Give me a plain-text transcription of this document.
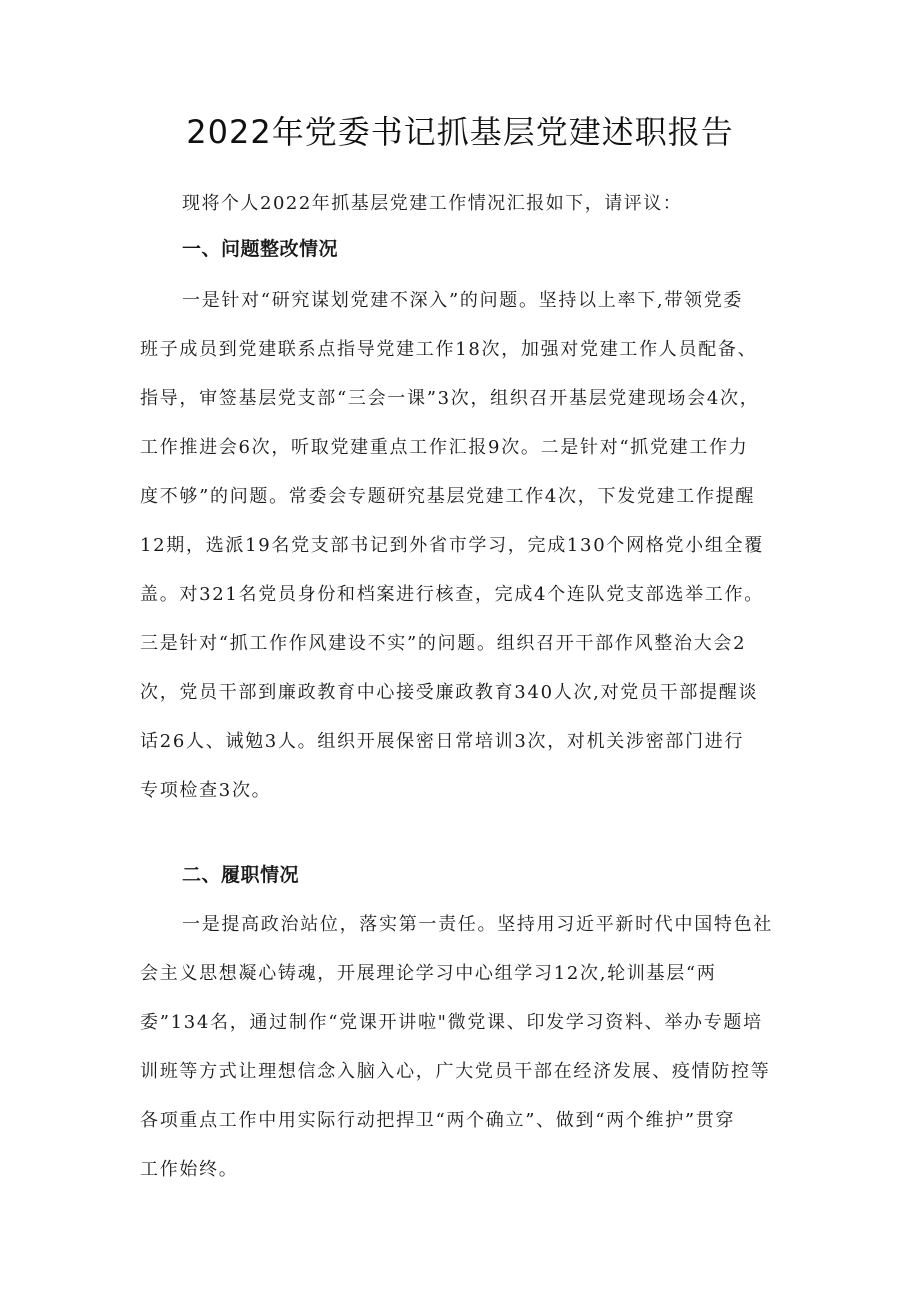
2022年党委书记抓基层党建述职报告
现将个人2022年抓基层党建工作情况汇报如下，请评议：
一、问题整改情况
一是针对“研究谋划党建不深入”的问题。坚持以上率下,带领党委
班子成员到党建联系点指导党建工作18次，加强对党建工作人员配备、
指导，审签基层党支部“三会一课”3次，组织召开基层党建现场会4次，
工作推进会6次，听取党建重点工作汇报9次。二是针对“抓党建工作力
度不够”的问题。常委会专题研究基层党建工作4次，下发党建工作提醒
12期，选派19名党支部书记到外省市学习，完成130个网格党小组全覆
盖。对321名党员身份和档案进行核查，完成4个连队党支部选举工作。
三是针对“抓工作作风建设不实”的问题。组织召开干部作风整治大会2
次，党员干部到廉政教育中心接受廉政教育340人次,对党员干部提醒谈
话26人、诫勉3人。组织开展保密日常培训3次，对机关涉密部门进行
专项检查3次。
二、履职情况
一是提高政治站位，落实第一责任。坚持用习近平新时代中国特色社
会主义思想凝心铸魂，开展理论学习中心组学习12次,轮训基层“两
委”134名，通过制作“党课开讲啦"微党课、印发学习资料、举办专题培
训班等方式让理想信念入脑入心，广大党员干部在经济发展、疫情防控等
各项重点工作中用实际行动把捍卫“两个确立”、做到“两个维护”贯穿
工作始终。
